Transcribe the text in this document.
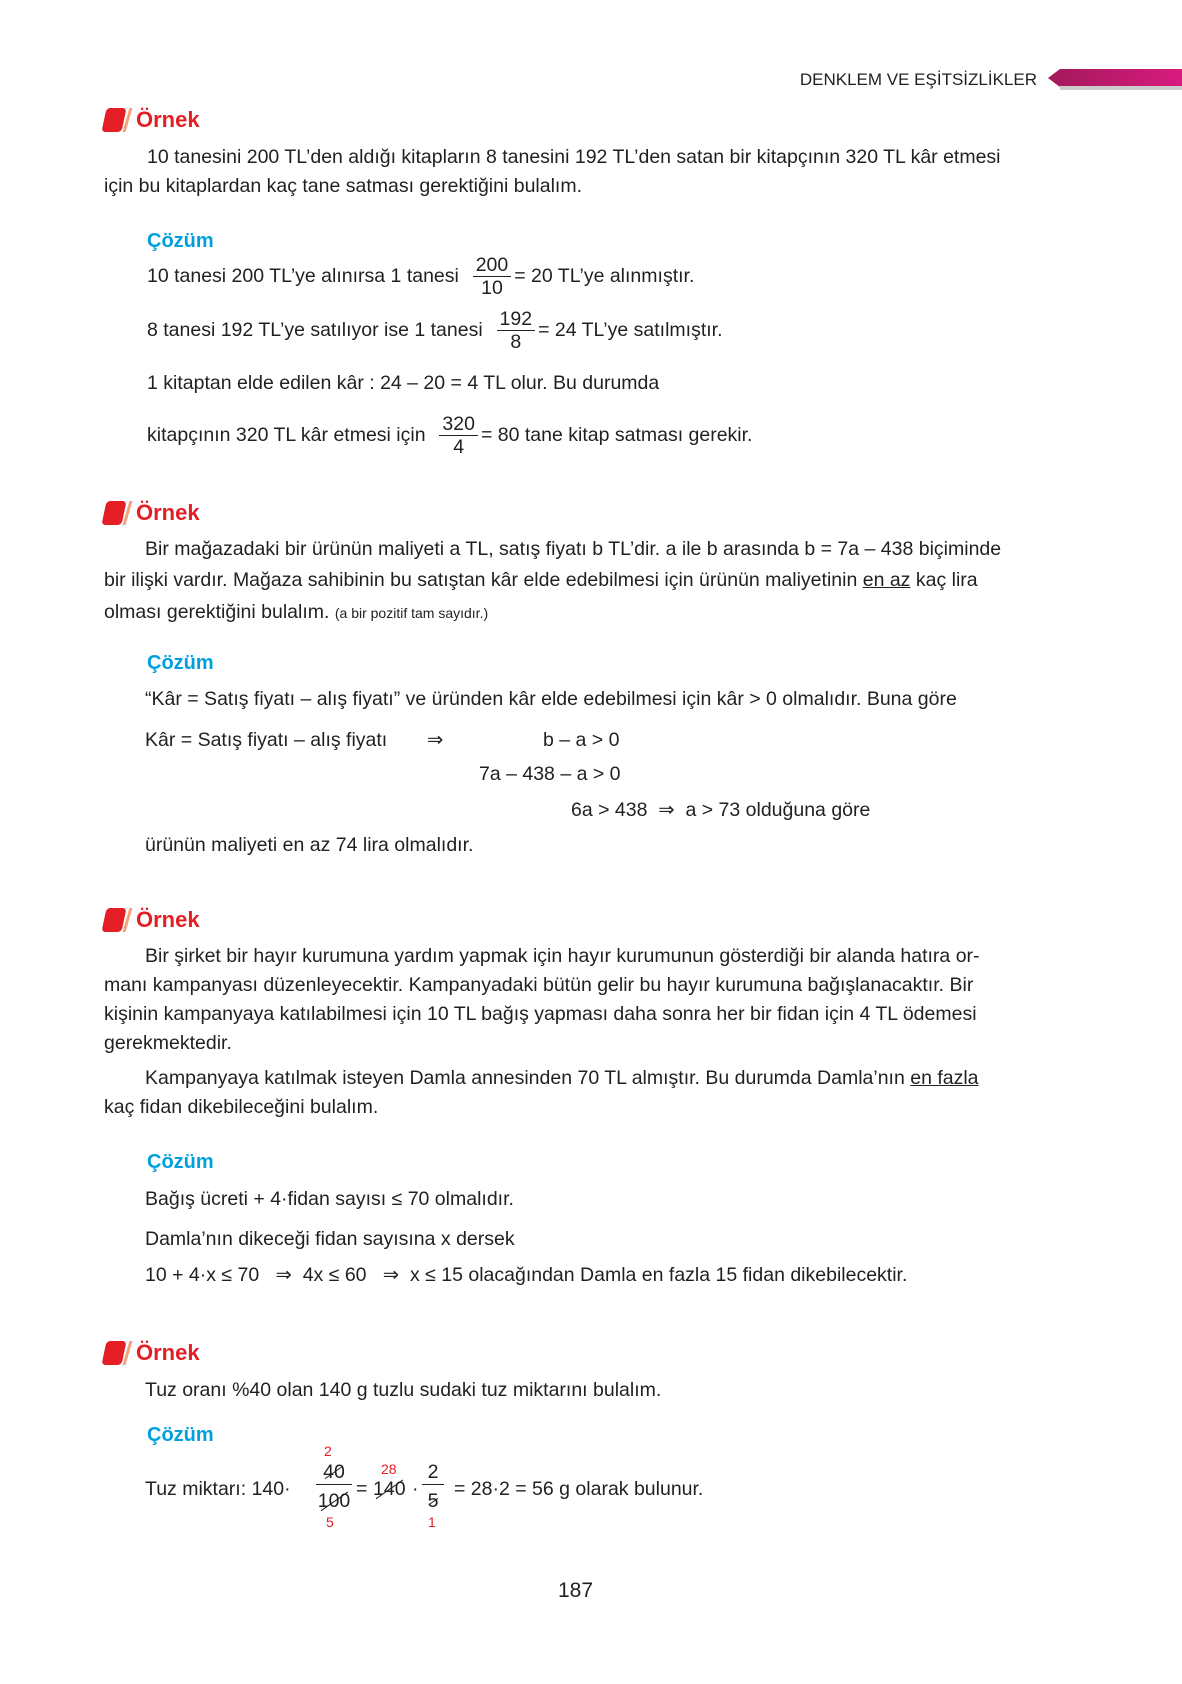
DENKLEM VE EŞİTSİZLİKLER
Örnek
10 tanesini 200 TL’den aldığı kitapların 8 tanesini 192 TL’den satan bir kitapçının 320 TL kâr etmesi
için bu kitaplardan kaç tane satması gerektiğini bulalım.
Çözüm
10 tanesi 200 TL’ye alınırsa 1 tanesi $\frac{200}{10} = 20$ TL’ye alınmıştır.
8 tanesi 192 TL’ye satılıyor ise 1 tanesi $\frac{192}{8} = 24$ TL’ye satılmıştır.
1 kitaptan elde edilen kâr : 24 – 20 = 4 TL olur. Bu durumda
kitapçının 320 TL kâr etmesi için $\frac{320}{4} = 80$ tane kitap satması gerekir.
Örnek
Bir mağazadaki bir ürünün maliyeti a TL, satış fiyatı b TL’dir. a ile b arasında b = 7a – 438 biçiminde
bir ilişki vardır. Mağaza sahibinin bu satıştan kâr elde edebilmesi için ürünün maliyetinin en az kaç lira
olması gerektiğini bulalım. (a bir pozitif tam sayıdır.)
Çözüm
“Kâr = Satış fiyatı – alış fiyatı” ve üründen kâr elde edebilmesi için kâr > 0 olmalıdır. Buna göre
Kâr = Satış fiyatı – alış fiyatı ⇒	b – a > 0
7a – 438 – a > 0
6a > 438 ⇒ a > 73 olduğuna göre
ürünün maliyeti en az 74 lira olmalıdır.
Örnek
Bir şirket bir hayır kurumuna yardım yapmak için hayır kurumunun gösterdiği bir alanda hatıra or-
manı kampanyası düzenleyecektir. Kampanyadaki bütün gelir bu hayır kurumuna bağışlanacaktır. Bir
kişinin kampanyaya katılabilmesi için 10 TL bağış yapması daha sonra her bir fidan için 4 TL ödemesi
gerekmektedir.
Kampanyaya katılmak isteyen Damla annesinden 70 TL almıştır. Bu durumda Damla’nın en fazla
kaç fidan dikebileceğini bulalım.
Çözüm
Bağış ücreti + 4·fidan sayısı ≤ 70 olmalıdır.
Damla’nın dikeceği fidan sayısına x dersek
10 + 4·x ≤ 70 ⇒ 4x ≤ 60 ⇒ x ≤ 15 olacağından Damla en fazla 15 fidan dikebilecektir.
Örnek
Tuz oranı %40 olan 140 g tuzlu sudaki tuz miktarını bulalım.
Çözüm
Tuz miktarı: 140·
2
40
100
5
=
28
140 ·
2
5
1
= 28·2 = 56 g olarak bulunur.
187
